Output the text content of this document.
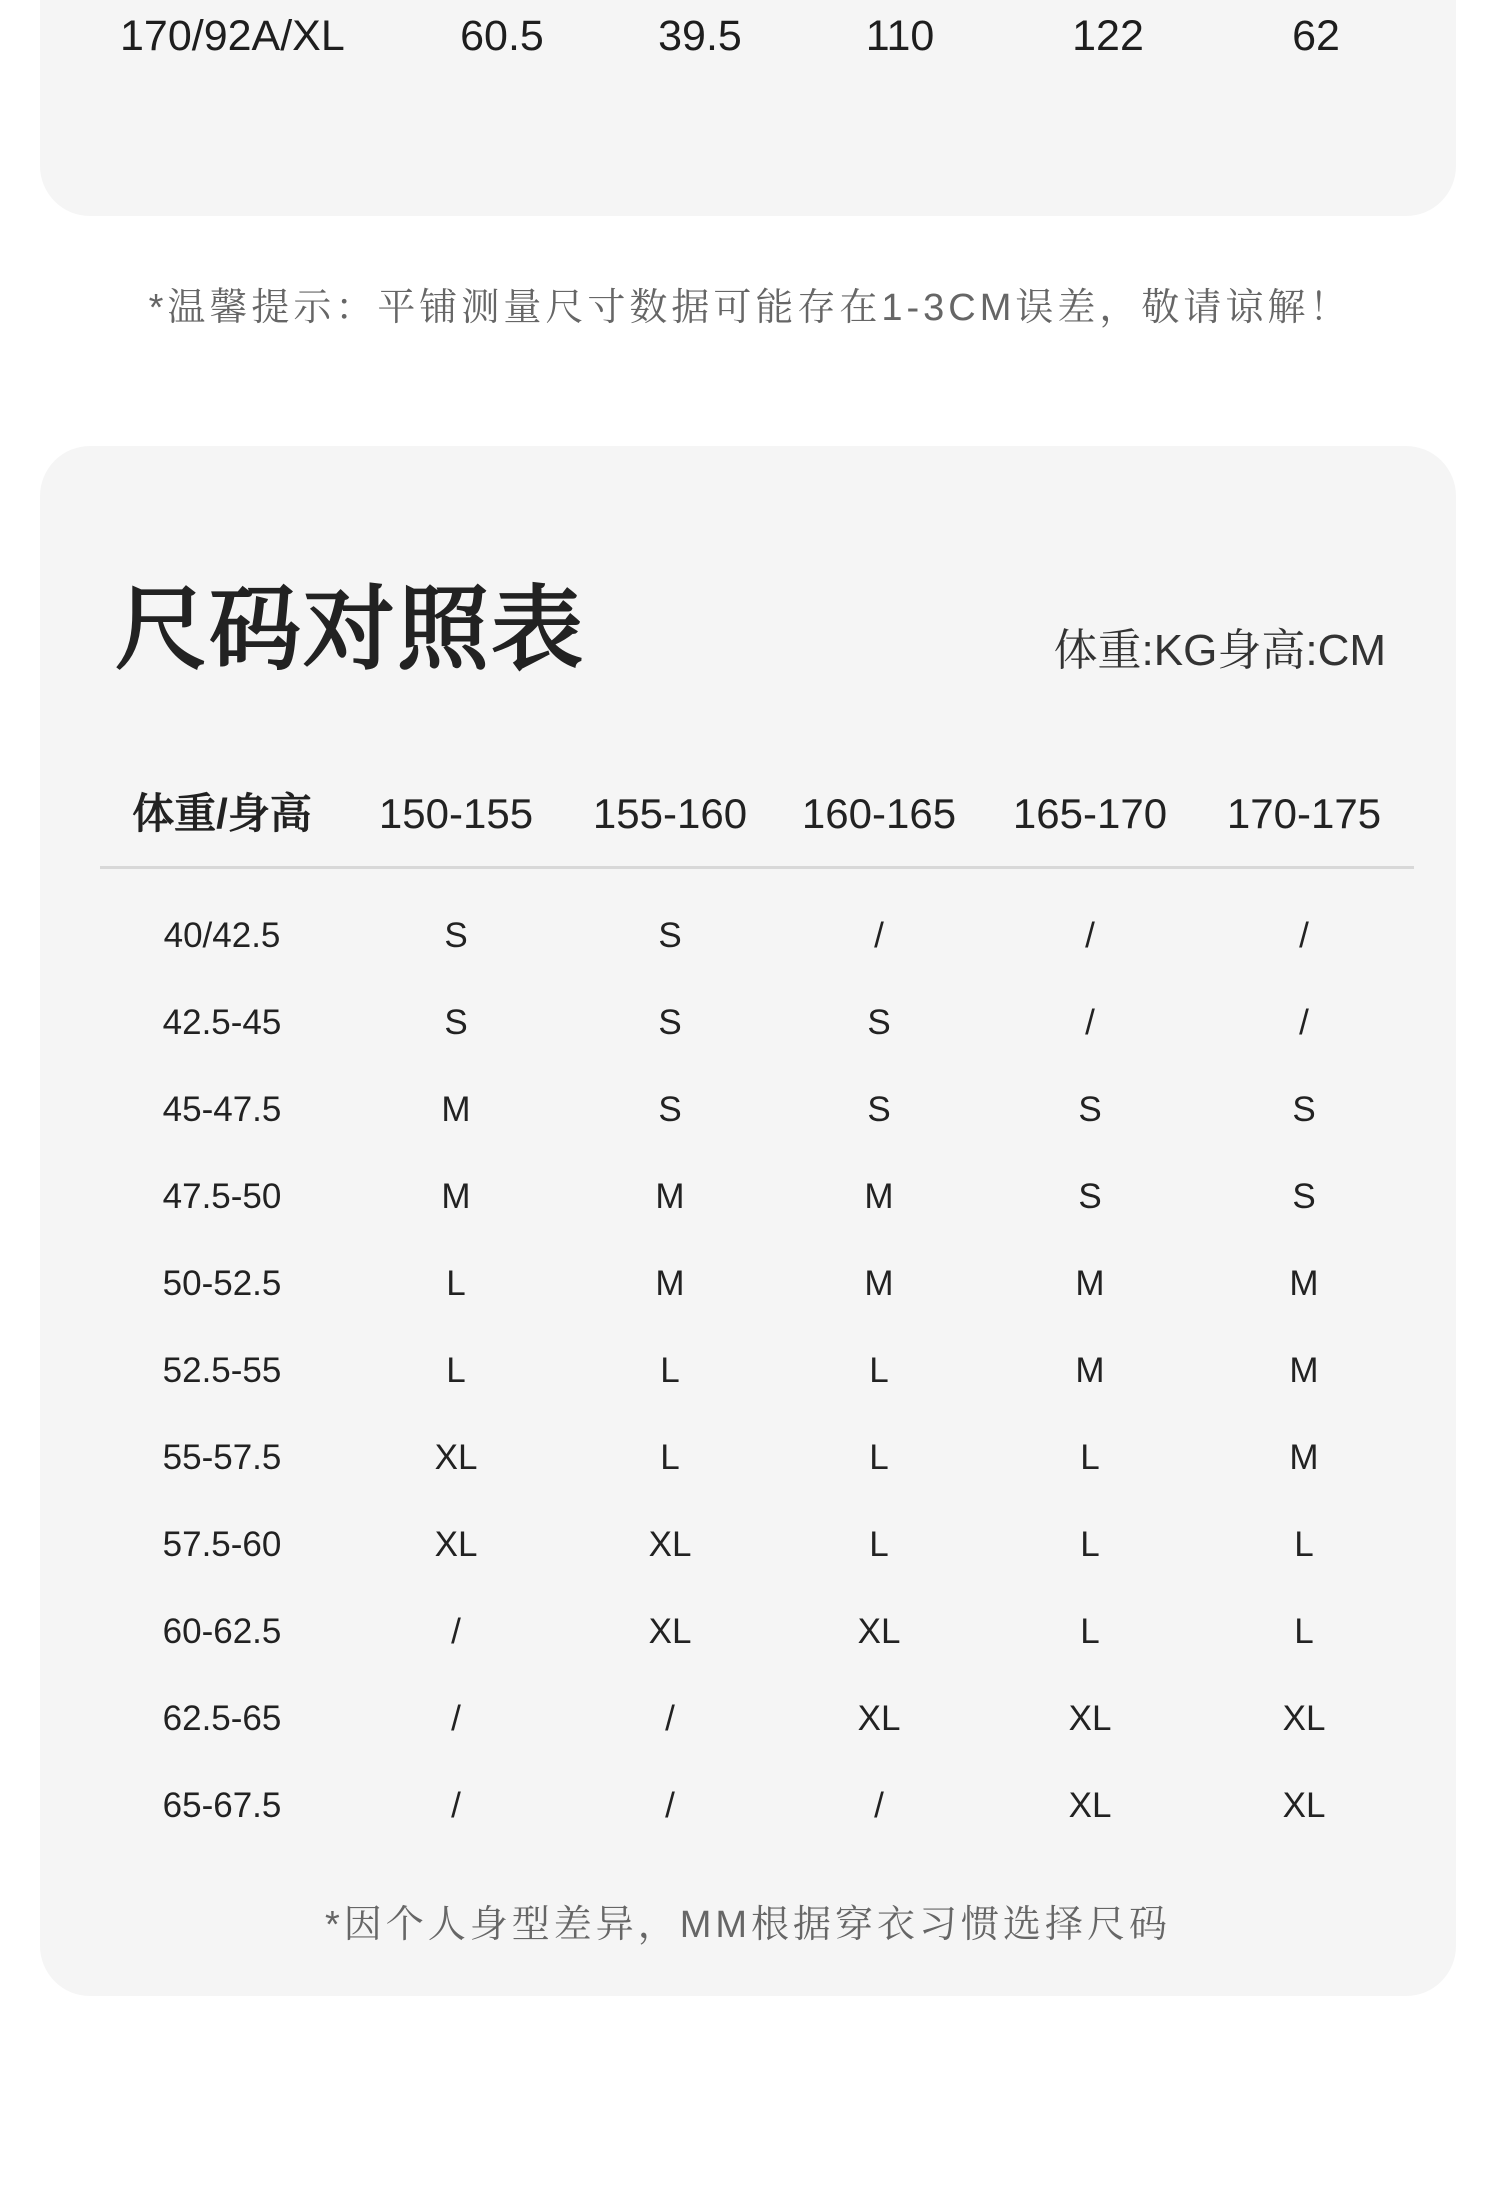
170/92A/XL	60.5	39.5	110	122	62
*温馨提示：平铺测量尺寸数据可能存在1-3CM误差，敬请谅解！
尺码对照表	体重:KG身高:CM
体重/身高	150-155	155-160	160-165	165-170	170-175
40/42.5	S	S	/	/	/
42.5-45	S	S	S	/	/
45-47.5	M	S	S	S	S
47.5-50	M	M	M	S	S
50-52.5	L	M	M	M	M
52.5-55	L	L	L	M	M
55-57.5	XL	L	L	L	M
57.5-60	XL	XL	L	L	L
60-62.5	/	XL	XL	L	L
62.5-65	/	/	XL	XL	XL
65-67.5	/	/	/	XL	XL
*因个人身型差异，MM根据穿衣习惯选择尺码
